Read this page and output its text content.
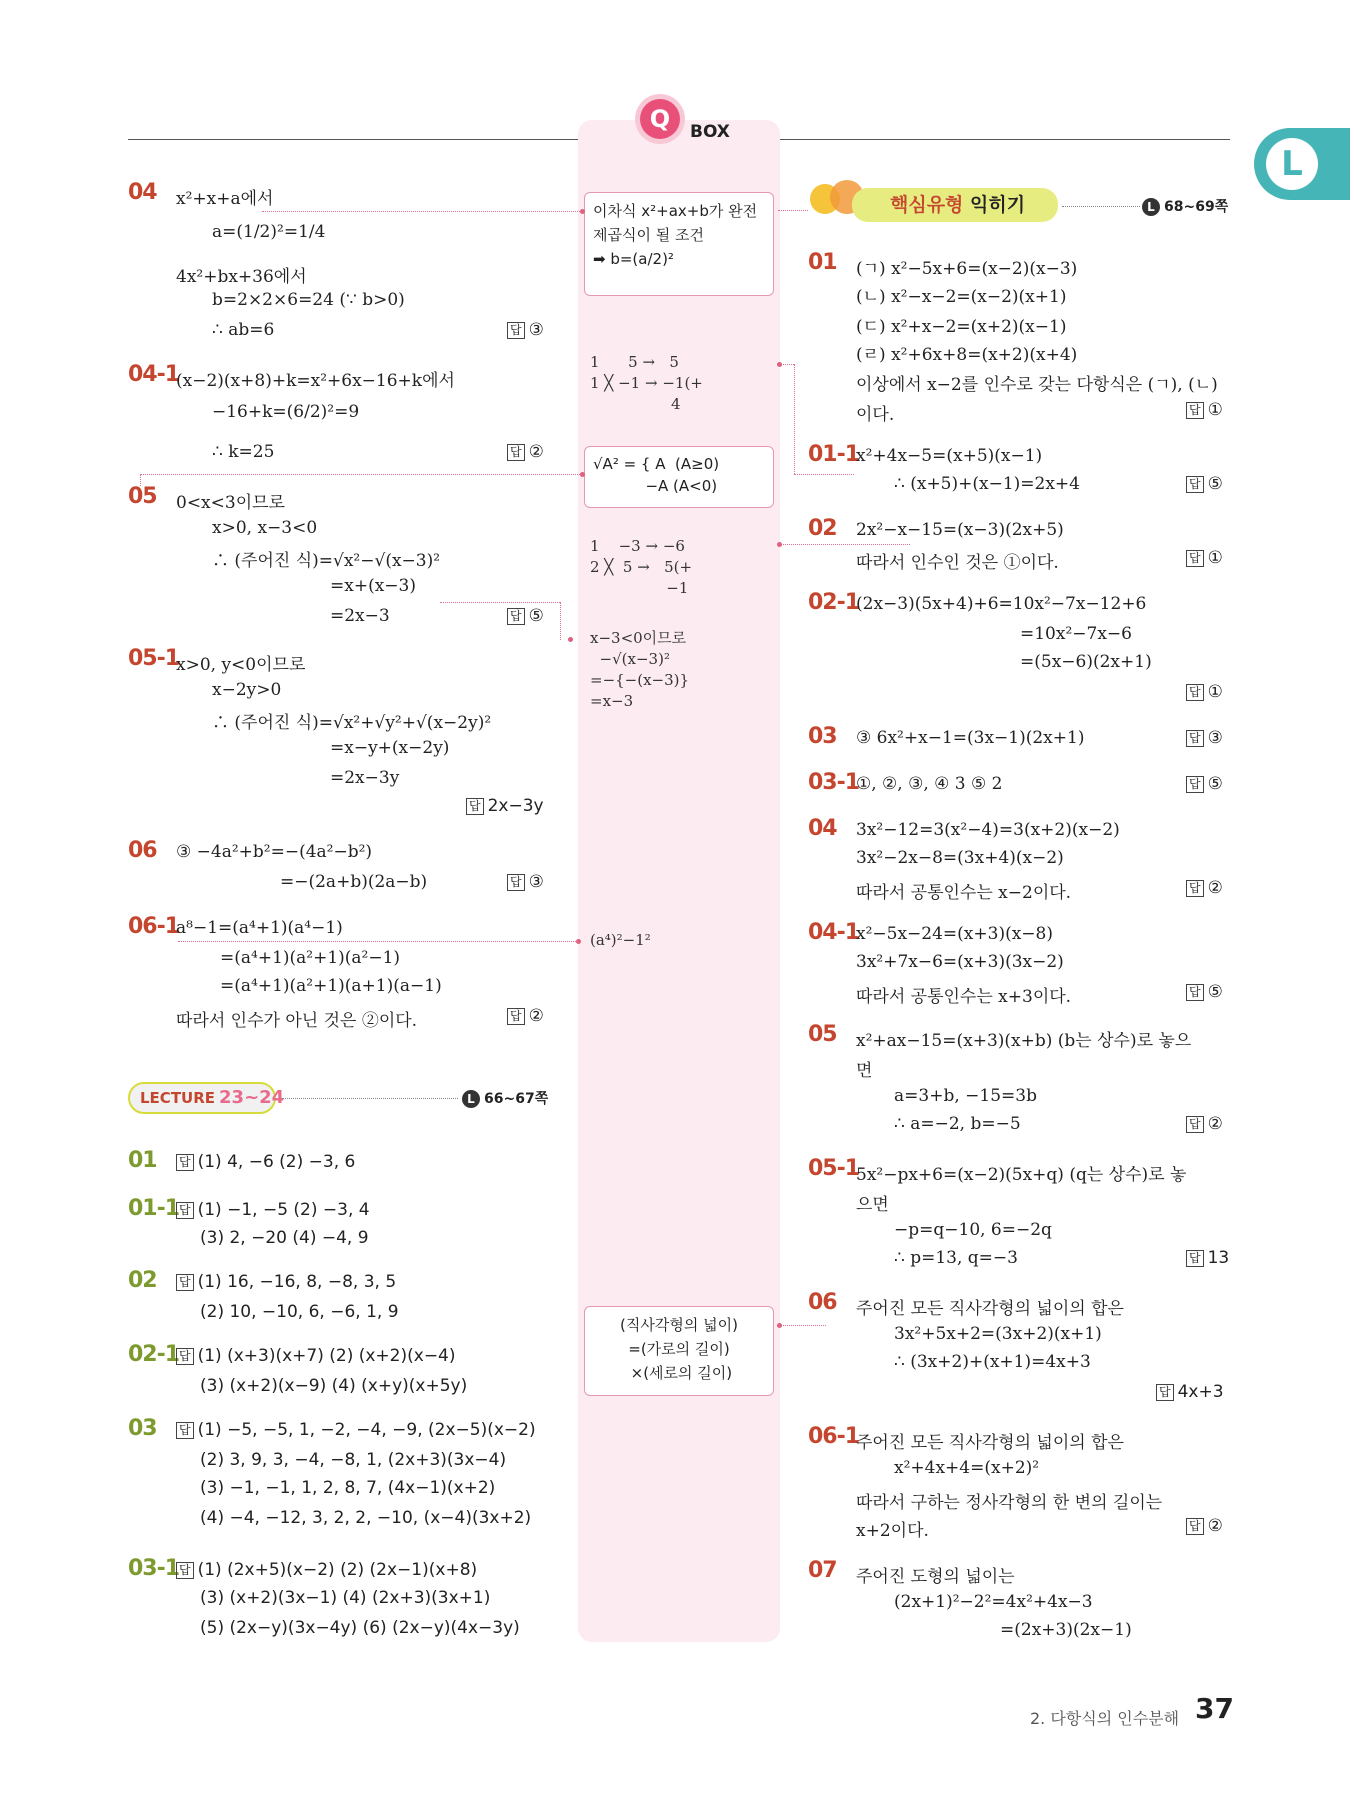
L
Q	BOX
이차식 x²+ax+b가 완전
제곱식이 될 조건
➡ b=(a/2)²
1      5 →   5
1 ╳ −1 → −1(+
4
√A² = { A  (A≥0)
−A (A<0)
1    −3 → −6
2 ╳  5 →   5(+
−1
x−3<0이므로
−√(x−3)²
=−{−(x−3)}
=x−3
(a⁴)²−1²
(직사각형의 넓이)
=(가로의 길이)
×(세로의 길이)
04 x²+x+a에서
a=(1/2)²=1/4
4x²+bx+36에서
b=2×2×6=24 (∵ b>0)
∴ ab=6	답 ③
04-1
(x−2)(x+8)+k=x²+6x−16+k에서
−16+k=(6/2)²=9
∴ k=25	답 ②
05 0<x<3이므로
x>0, x−3<0
∴ (주어진 식)=√x²−√(x−3)²
=x+(x−3)
=2x−3	답 ⑤
05-1
x>0, y<0이므로
x−2y>0
∴ (주어진 식)=√x²+√y²+√(x−2y)²
=x−y+(x−2y)
=2x−3y
답 2x−3y
06 ③ −4a²+b²=−(4a²−b²)
=−(2a+b)(2a−b)	답 ③
06-1
a⁸−1=(a⁴+1)(a⁴−1)
=(a⁴+1)(a²+1)(a²−1)
=(a⁴+1)(a²+1)(a+1)(a−1)
따라서 인수가 아닌 것은 ②이다.	답 ②
LECTURE 23~24	L 66~67쪽
01 답 (1) 4, −6 (2) −3, 6
01-1 답 (1) −1, −5 (2) −3, 4
(3) 2, −20 (4) −4, 9
02 답 (1) 16, −16, 8, −8, 3, 5
(2) 10, −10, 6, −6, 1, 9
02-1 답 (1) (x+3)(x+7) (2) (x+2)(x−4)
(3) (x+2)(x−9) (4) (x+y)(x+5y)
03 답 (1) −5, −5, 1, −2, −4, −9, (2x−5)(x−2)
(2) 3, 9, 3, −4, −8, 1, (2x+3)(3x−4)
(3) −1, −1, 1, 2, 8, 7, (4x−1)(x+2)
(4) −4, −12, 3, 2, 2, −10, (x−4)(3x+2)
03-1 답 (1) (2x+5)(x−2) (2) (2x−1)(x+8)
(3) (x+2)(3x−1) (4) (2x+3)(3x+1)
(5) (2x−y)(3x−4y) (6) (2x−y)(4x−3y)
핵심유형 익히기	L 68~69쪽
01 (ㄱ) x²−5x+6=(x−2)(x−3)
(ㄴ) x²−x−2=(x−2)(x+1)
(ㄷ) x²+x−2=(x+2)(x−1)
(ㄹ) x²+6x+8=(x+2)(x+4)
이상에서 x−2를 인수로 갖는 다항식은 (ㄱ), (ㄴ)
이다.	답 ①
01-1
x²+4x−5=(x+5)(x−1)
∴ (x+5)+(x−1)=2x+4	답 ⑤
02 2x²−x−15=(x−3)(2x+5)
따라서 인수인 것은 ①이다.	답 ①
02-1
(2x−3)(5x+4)+6=10x²−7x−12+6
=10x²−7x−6
=(5x−6)(2x+1)
답 ①
03 ③ 6x²+x−1=(3x−1)(2x+1)	답 ③
03-1
①, ②, ③, ④ 3 ⑤ 2	답 ⑤
04 3x²−12=3(x²−4)=3(x+2)(x−2)
3x²−2x−8=(3x+4)(x−2)
따라서 공통인수는 x−2이다.	답 ②
04-1
x²−5x−24=(x+3)(x−8)
3x²+7x−6=(x+3)(3x−2)
따라서 공통인수는 x+3이다.	답 ⑤
05 x²+ax−15=(x+3)(x+b) (b는 상수)로 놓으
면
a=3+b, −15=3b
∴ a=−2, b=−5	답 ②
05-1
5x²−px+6=(x−2)(5x+q) (q는 상수)로 놓
으면
−p=q−10, 6=−2q
∴ p=13, q=−3	답 13
06 주어진 모든 직사각형의 넓이의 합은
3x²+5x+2=(3x+2)(x+1)
∴ (3x+2)+(x+1)=4x+3
답 4x+3
06-1
주어진 모든 직사각형의 넓이의 합은
x²+4x+4=(x+2)²
따라서 구하는 정사각형의 한 변의 길이는
x+2이다.	답 ②
07 주어진 도형의 넓이는
(2x+1)²−2²=4x²+4x−3
=(2x+3)(2x−1)
2. 다항식의 인수분해 37
